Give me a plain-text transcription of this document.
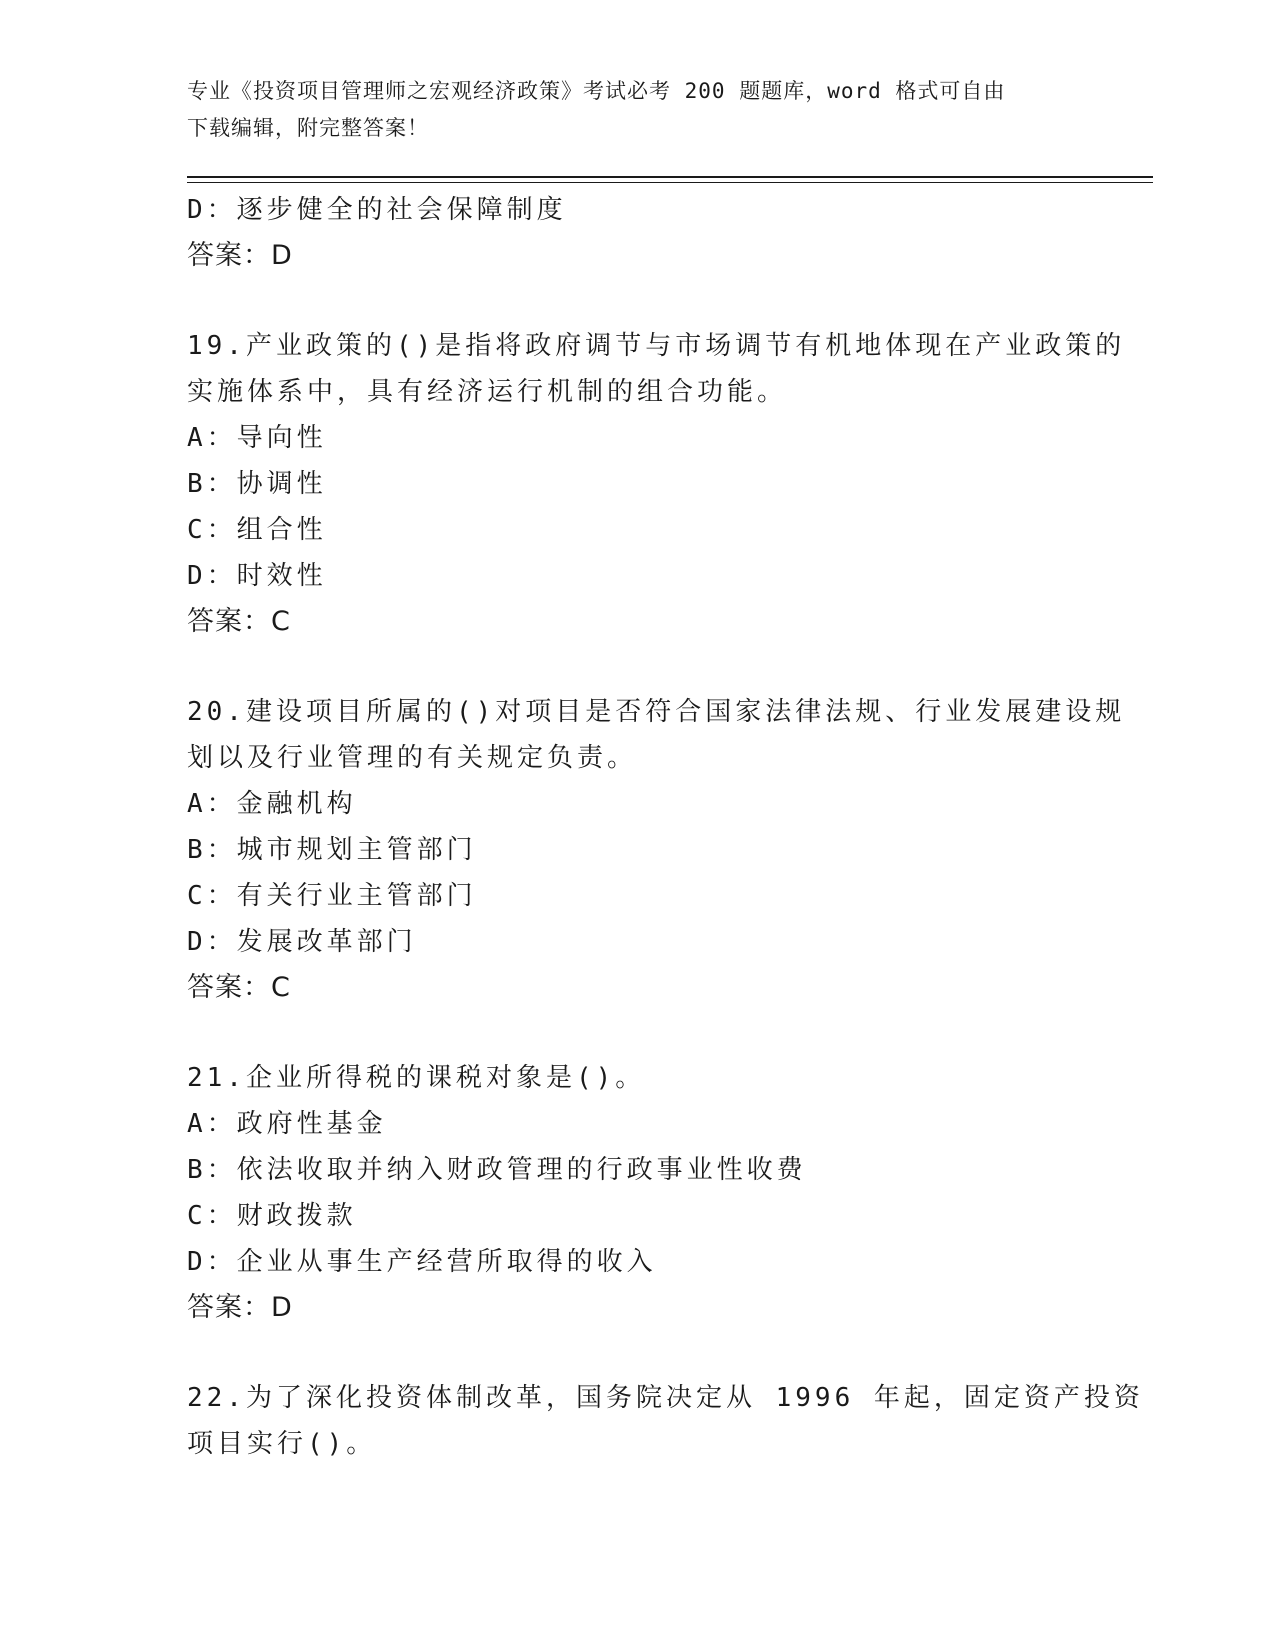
专业《投资项目管理师之宏观经济政策》考试必考 200 题题库，word 格式可自由
下载编辑，附完整答案！
D：逐步健全的社会保障制度
答案：D
19.产业政策的()是指将政府调节与市场调节有机地体现在产业政策的
实施体系中，具有经济运行机制的组合功能。
A：导向性
B：协调性
C：组合性
D：时效性
答案：C
20.建设项目所属的()对项目是否符合国家法律法规、行业发展建设规
划以及行业管理的有关规定负责。
A：金融机构
B：城市规划主管部门
C：有关行业主管部门
D：发展改革部门
答案：C
21.企业所得税的课税对象是()。
A：政府性基金
B：依法收取并纳入财政管理的行政事业性收费
C：财政拨款
D：企业从事生产经营所取得的收入
答案：D
22.为了深化投资体制改革，国务院决定从 1996 年起，固定资产投资
项目实行()。
